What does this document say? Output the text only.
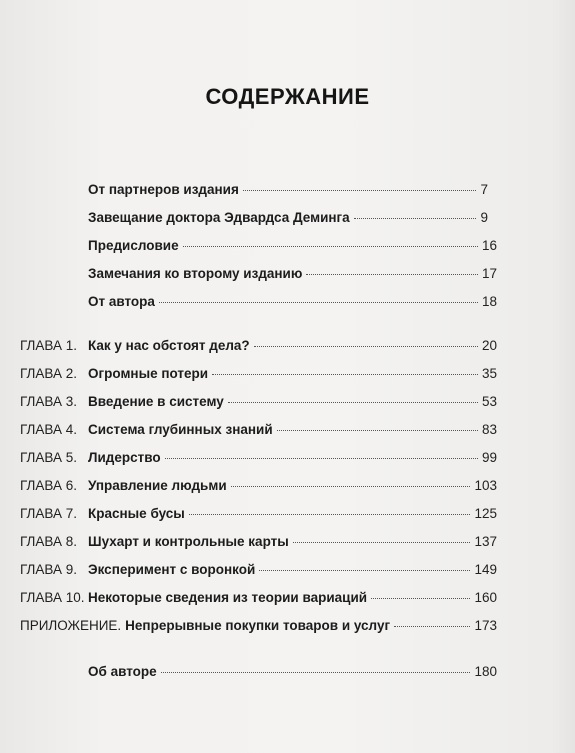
СОДЕРЖАНИЕ
От партнеров издания	7
Завещание доктора Эдвардса Деминга	9
Предисловие	16
Замечания ко второму изданию	17
От автора	18
ГЛАВА 1. Как у нас обстоят дела?	20
ГЛАВА 2. Огромные потери	35
ГЛАВА 3. Введение в систему	53
ГЛАВА 4. Система глубинных знаний	83
ГЛАВА 5. Лидерство	99
ГЛАВА 6. Управление людьми	103
ГЛАВА 7. Красные бусы	125
ГЛАВА 8. Шухарт и контрольные карты	137
ГЛАВА 9. Эксперимент с воронкой	149
ГЛАВА 10. Некоторые сведения из теории вариаций	160
ПРИЛОЖЕНИЕ. Непрерывные покупки товаров и услуг	173
Об авторе	180
